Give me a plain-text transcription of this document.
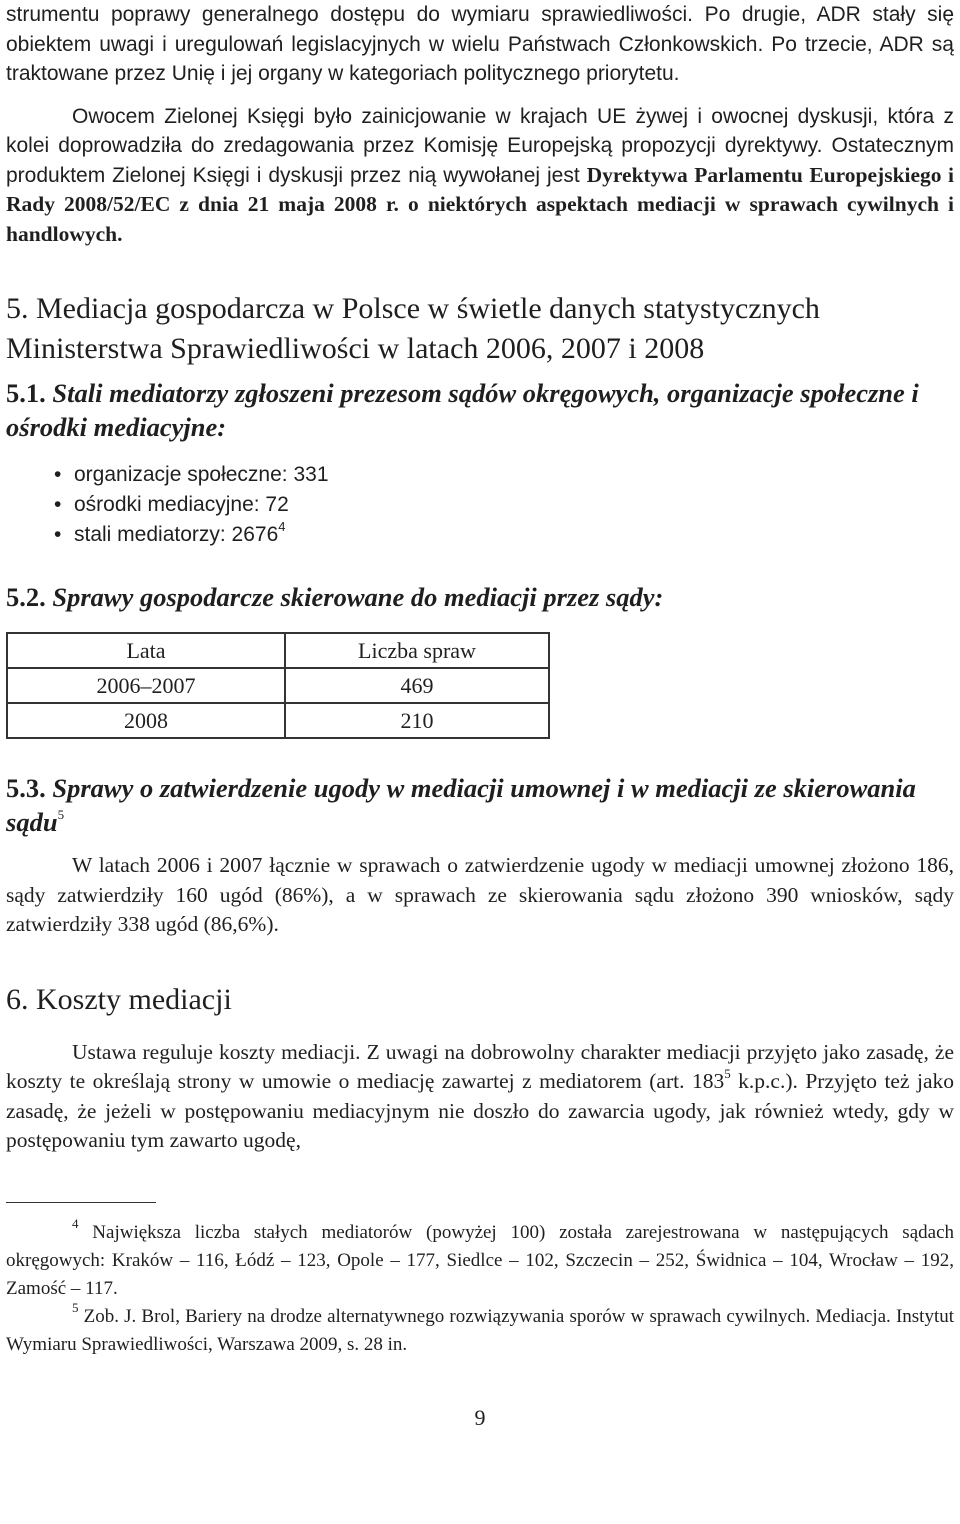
strumentu poprawy generalnego dostępu do wymiaru sprawiedliwości. Po drugie, ADR stały się obiektem uwagi i uregulowań legislacyjnych w wielu Państwach Członkowskich. Po trzecie, ADR są traktowane przez Unię i jej organy w kategoriach politycznego priorytetu.

Owocem Zielonej Księgi było zainicjowanie w krajach UE żywej i owocnej dyskusji, która z kolei doprowadziła do zredagowania przez Komisję Europejską propozycji dyrektywy. Ostatecznym produktem Zielonej Księgi i dyskusji przez nią wywołanej jest Dyrektywa Parlamentu Europejskiego i Rady 2008/52/EC z dnia 21 maja 2008 r. o niektórych aspektach mediacji w sprawach cywilnych i handlowych.

5. Mediacja gospodarcza w Polsce w świetle danych statystycznych Ministerstwa Sprawiedliwości w latach 2006, 2007 i 2008
5.1. Stali mediatorzy zgłoszeni prezesom sądów okręgowych, organizacje społeczne i ośrodki mediacyjne:
• organizacje społeczne: 331
• ośrodki mediacyjne: 72
• stali mediatorzy: 2676$^4$
5.2. Sprawy gospodarcze skierowane do mediacji przez sądy:
Lata	Liczba spraw
2006–2007	469
2008	210
5.3. Sprawy o zatwierdzenie ugody w mediacji umownej i w mediacji ze skierowania sądu$^5$

W latach 2006 i 2007 łącznie w sprawach o zatwierdzenie ugody w mediacji umownej złożono 186, sądy zatwierdziły 160 ugód (86%), a w sprawach ze skierowania sądu złożono 390 wniosków, sądy zatwierdziły 338 ugód (86,6%).

6. Koszty mediacji

Ustawa reguluje koszty mediacji. Z uwagi na dobrowolny charakter mediacji przyjęto jako zasadę, że koszty te określają strony w umowie o mediację zawartej z mediatorem (art. $183^5$ k.p.c.). Przyjęto też jako zasadę, że jeżeli w postępowaniu mediacyjnym nie doszło do zawarcia ugody, jak również wtedy, gdy w postępowaniu tym zawarto ugodę,

$^4$ Największa liczba stałych mediatorów (powyżej 100) została zarejestrowana w następujących sądach okręgowych: Kraków – 116, Łódź – 123, Opole – 177, Siedlce – 102, Szczecin – 252, Świdnica – 104, Wrocław – 192, Zamość – 117.

$^5$ Zob. J. Brol, Bariery na drodze alternatywnego rozwiązywania sporów w sprawach cywilnych. Mediacja. Instytut Wymiaru Sprawiedliwości, Warszawa 2009, s. 28 in.

9
